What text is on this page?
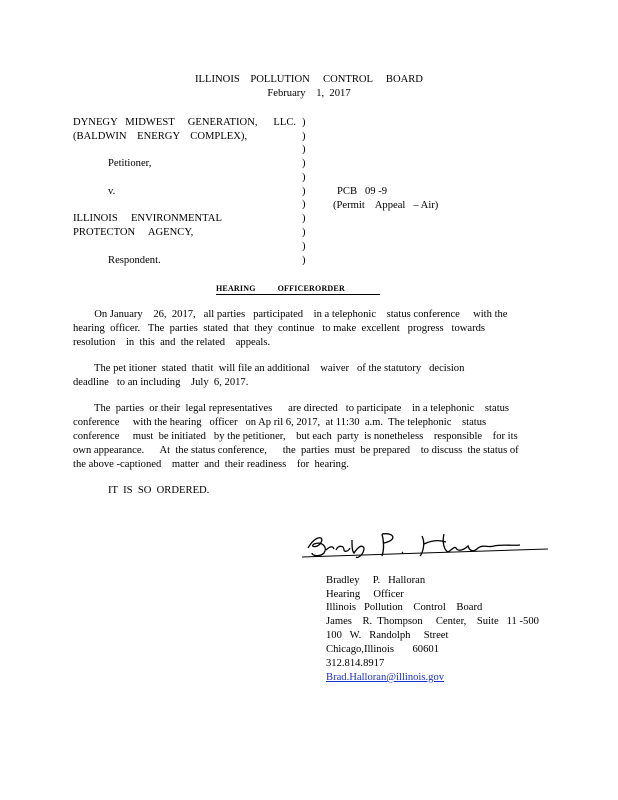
ILLINOIS    POLLUTION     CONTROL     BOARD
February    1,  2017
DYNEGY   MIDWEST     GENERATION,      LLC.
(BALDWIN    ENERGY    COMPLEX),
Petitioner,
v.
ILLINOIS     ENVIRONMENTAL
PROTECTON     AGENCY,
Respondent.
)
)
)
)
)
)
)
)
)
)
)
PCB   09 -9
(Permit    Appeal   – Air)
HEARING          OFFICERORDER
On January    26,  2017,   all parties   participated    in a telephonic    status conference     with the
hearing  officer.   The  parties  stated  that  they  continue   to make  excellent   progress   towards
resolution    in  this  and  the related    appeals.
The pet itioner  stated  thatit  will file an additional    waiver   of the statutory   decision
deadline   to an including    July  6, 2017.
The  parties  or their  legal representatives      are directed   to participate    in a telephonic    status
conference     with the hearing   officer   on Ap ril 6, 2017,  at 11:30  a.m.  The telephonic    status
conference     must  be initiated   by the petitioner,    but each  party  is nonetheless    responsible    for its
own appearance.      At  the status conference,      the  parties  must  be prepared    to discuss  the status of
the above -captioned    matter  and  their readiness    for  hearing.
IT  IS  SO  ORDERED.
Bradley     P.   Halloran
Hearing     Officer
Illinois   Pollution    Control    Board
James    R.  Thompson     Center,    Suite   11 -500
100   W.   Randolph     Street
Chicago,Illinois       60601
312.814.8917
Brad.Halloran@illinois.gov
